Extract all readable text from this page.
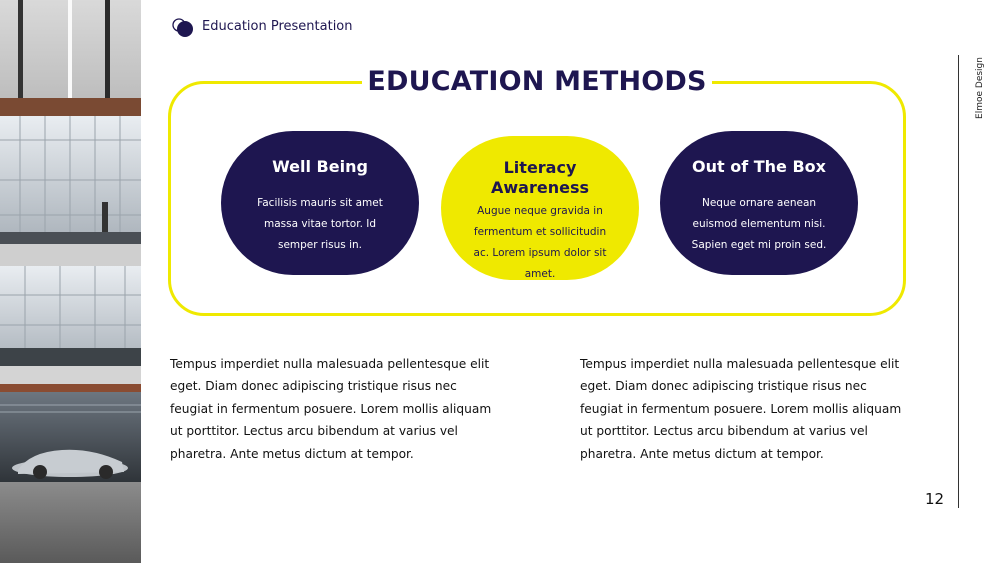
Education Presentation
EDUCATION METHODS
Well Being
Facilisis mauris sit amet massa vitae tortor. Id semper risus in.
Literacy Awareness
Augue neque gravida in fermentum et sollicitudin ac. Lorem ipsum dolor sit amet.
Out of The Box
Neque ornare aenean euismod elementum nisi. Sapien eget mi proin sed.
Tempus imperdiet nulla malesuada pellentesque elit eget. Diam donec adipiscing tristique risus nec feugiat in fermentum posuere. Lorem mollis aliquam ut porttitor. Lectus arcu bibendum at varius vel pharetra. Ante metus dictum at tempor.
Tempus imperdiet nulla malesuada pellentesque elit eget. Diam donec adipiscing tristique risus nec feugiat in fermentum posuere. Lorem mollis aliquam ut porttitor. Lectus arcu bibendum at varius vel pharetra. Ante metus dictum at tempor.
Elmoe Design
12
